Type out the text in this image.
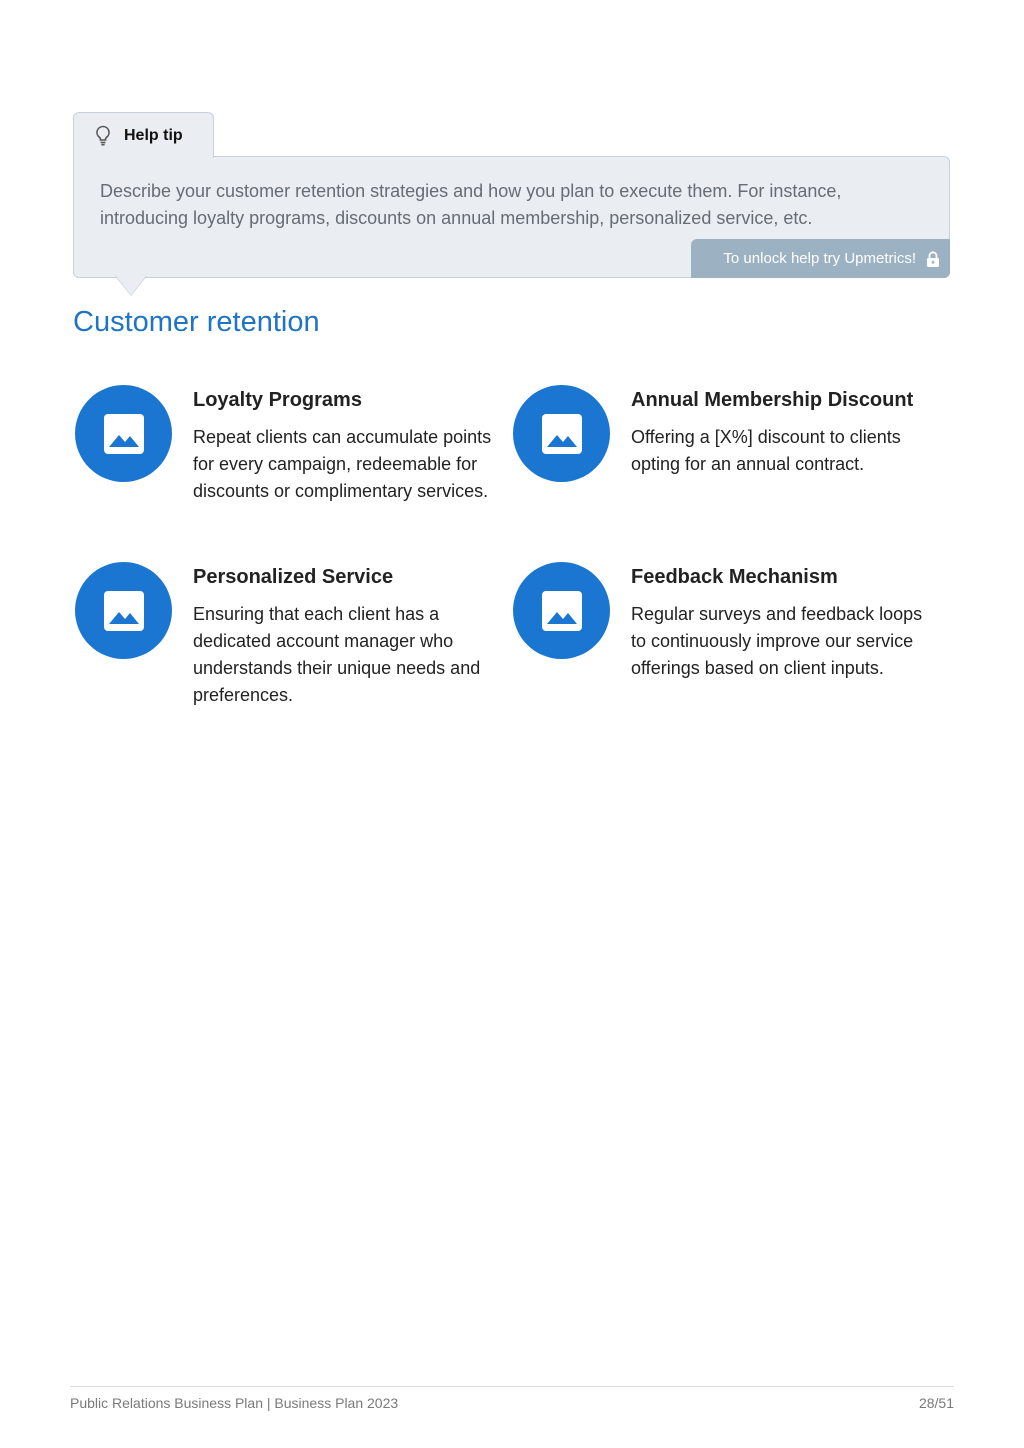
Help tip

Describe your customer retention strategies and how you plan to execute them. For instance, introducing loyalty programs, discounts on annual membership, personalized service, etc.

To unlock help try Upmetrics!
Customer retention
Loyalty Programs

Repeat clients can accumulate points for every campaign, redeemable for discounts or complimentary services.

Annual Membership Discount

Offering a [X%] discount to clients opting for an annual contract.

Personalized Service

Ensuring that each client has a dedicated account manager who understands their unique needs and preferences.

Feedback Mechanism

Regular surveys and feedback loops to continuously improve our service offerings based on client inputs.

Public Relations Business Plan | Business Plan 2023	28/51
